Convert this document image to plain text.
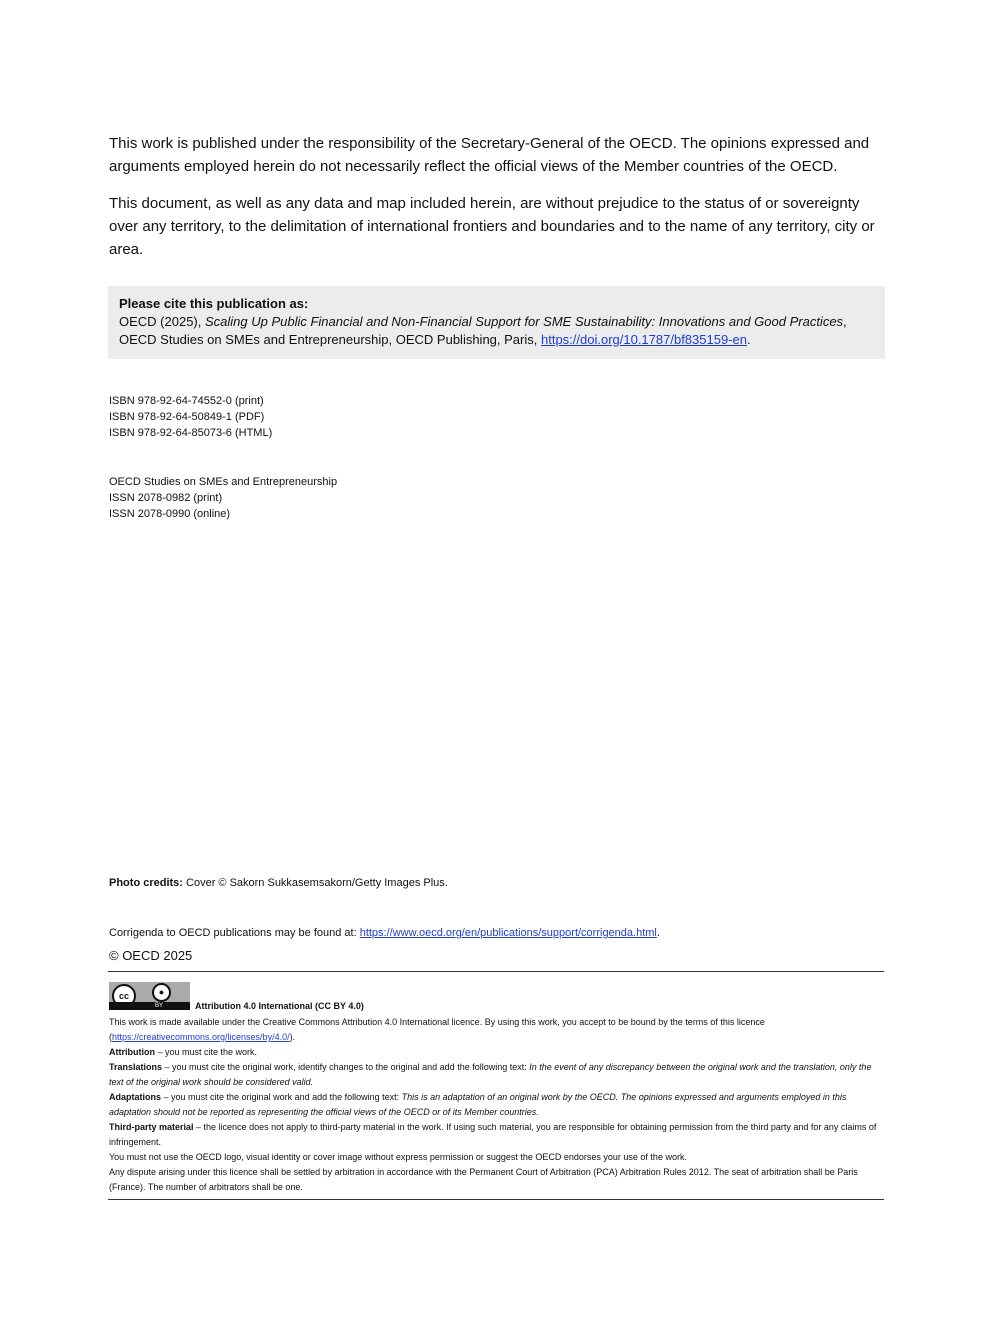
This work is published under the responsibility of the Secretary-General of the OECD. The opinions expressed and arguments employed herein do not necessarily reflect the official views of the Member countries of the OECD.
This document, as well as any data and map included herein, are without prejudice to the status of or sovereignty over any territory, to the delimitation of international frontiers and boundaries and to the name of any territory, city or area.
Please cite this publication as:
OECD (2025), Scaling Up Public Financial and Non-Financial Support for SME Sustainability: Innovations and Good Practices, OECD Studies on SMEs and Entrepreneurship, OECD Publishing, Paris, https://doi.org/10.1787/bf835159-en.
ISBN 978-92-64-74552-0 (print)
ISBN 978-92-64-50849-1 (PDF)
ISBN 978-92-64-85073-6 (HTML)
OECD Studies on SMEs and Entrepreneurship
ISSN 2078-0982 (print)
ISSN 2078-0990 (online)
Photo credits: Cover © Sakorn Sukkasemsakorn/Getty Images Plus.
Corrigenda to OECD publications may be found at: https://www.oecd.org/en/publications/support/corrigenda.html.
© OECD 2025
cc	●
BY	Attribution 4.0 International (CC BY 4.0)

This work is made available under the Creative Commons Attribution 4.0 International licence. By using this work, you accept to be bound by the terms of this licence (https://creativecommons.org/licenses/by/4.0/).

Attribution – you must cite the work.

Translations – you must cite the original work, identify changes to the original and add the following text: In the event of any discrepancy between the original work and the translation, only the text of the original work should be considered valid.

Adaptations – you must cite the original work and add the following text: This is an adaptation of an original work by the OECD. The opinions expressed and arguments employed in this adaptation should not be reported as representing the official views of the OECD or of its Member countries.

Third-party material – the licence does not apply to third-party material in the work. If using such material, you are responsible for obtaining permission from the third party and for any claims of infringement.

You must not use the OECD logo, visual identity or cover image without express permission or suggest the OECD endorses your use of the work.

Any dispute arising under this licence shall be settled by arbitration in accordance with the Permanent Court of Arbitration (PCA) Arbitration Rules 2012. The seat of arbitration shall be Paris (France). The number of arbitrators shall be one.
